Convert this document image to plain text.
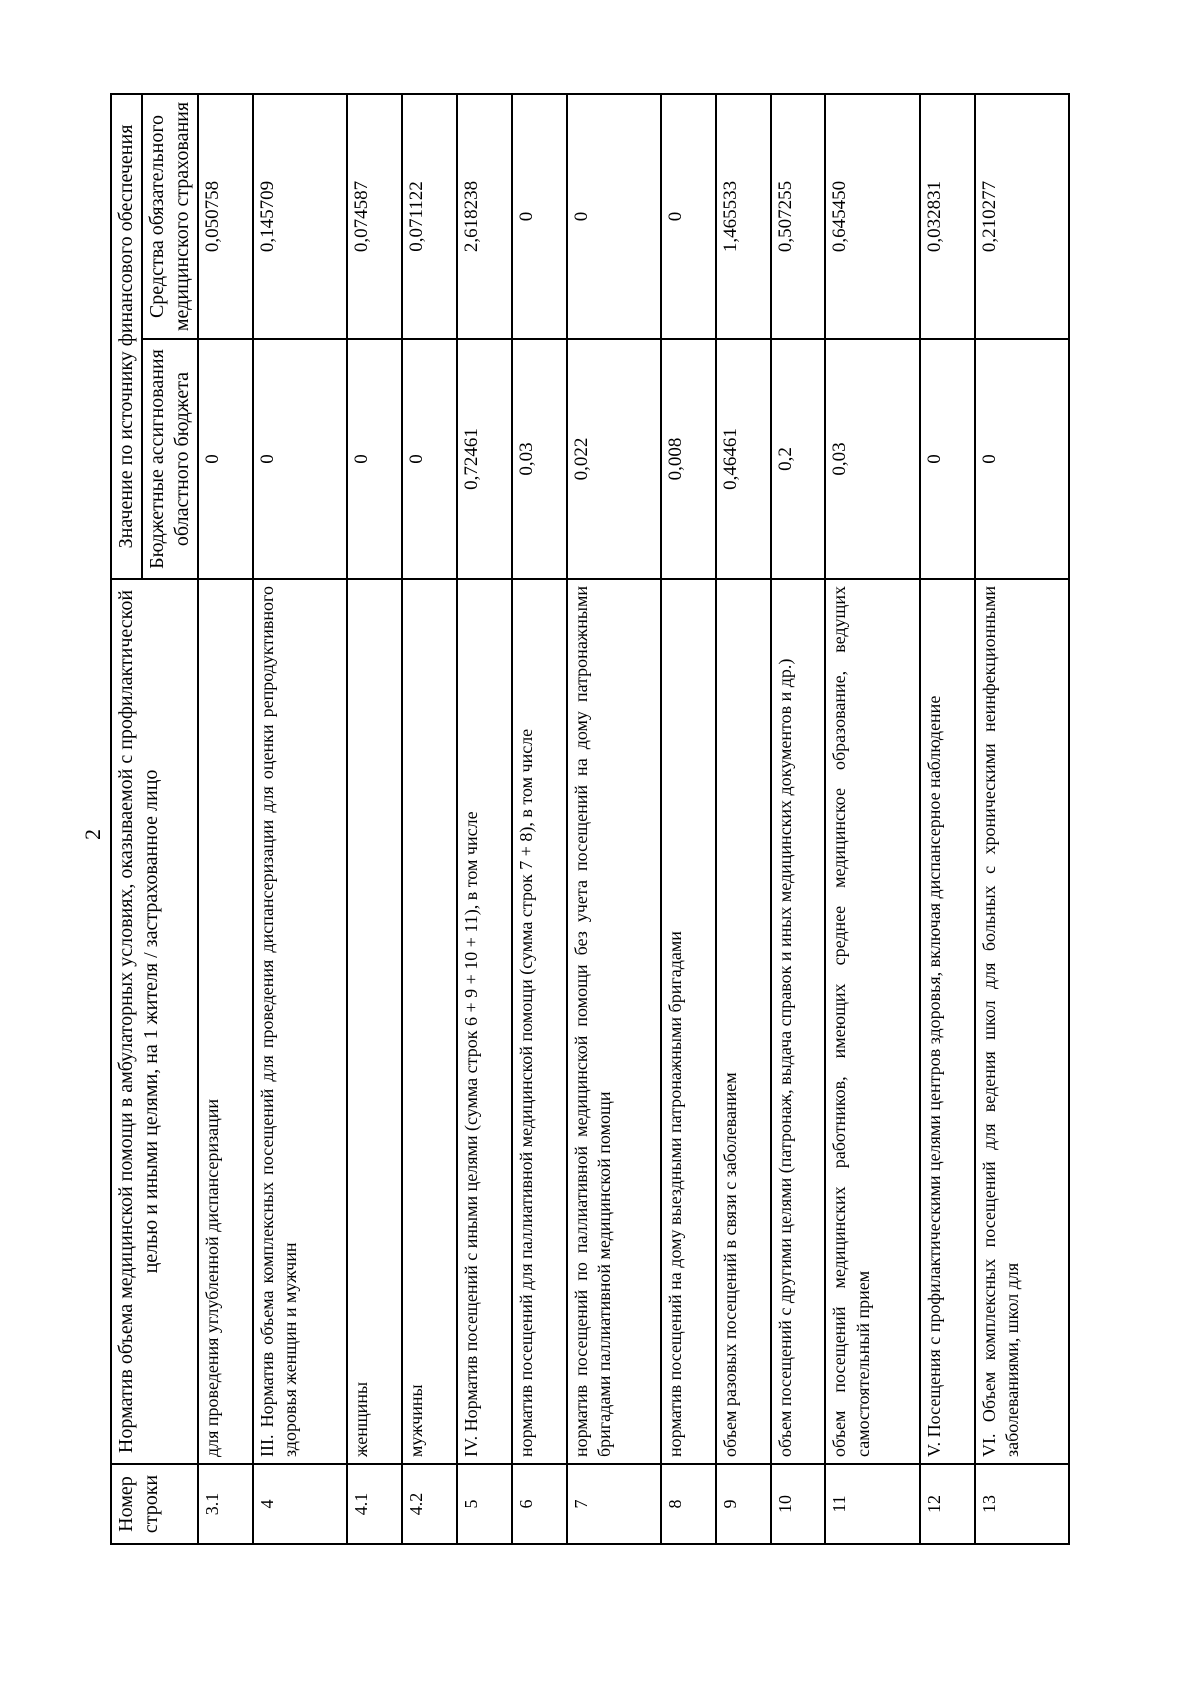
2
Номер строки	Норматив объема медицинской помощи в амбулаторных условиях, оказываемой с профилактической целью и иными целями, на 1 жителя / застрахованное лицо	Значение по источнику финансового обеспечения	
		Бюджетные ассигнования областного бюджета	Средства обязательного медицинского страхования
3.1	для проведения углубленной диспансеризации	0	0,050758
4	III. Норматив объема комплексных посещений для проведения диспансеризации для оценки репродуктивного здоровья женщин и мужчин	0	0,145709
4.1	женщины	0	0,074587
4.2	мужчины	0	0,071122
5	IV. Норматив посещений с иными целями (сумма строк 6 + 9 + 10 + 11), в том числе	0,72461	2,618238
6	норматив посещений для паллиативной медицинской помощи (сумма строк 7 + 8), в том числе	0,03	0
7	норматив посещений по паллиативной медицинской помощи без учета посещений на дому патронажными бригадами паллиативной медицинской помощи	0,022	0
8	норматив посещений на дому выездными патронажными бригадами	0,008	0
9	объем разовых посещений в связи с заболеванием	0,46461	1,465533
10	объем посещений с другими целями (патронаж, выдача справок и иных медицинских документов и др.)	0,2	0,507255
11	объем посещений медицинских работников, имеющих среднее медицинское образование, ведущих самостоятельный прием	0,03	0,645450
12	V. Посещения с профилактическими целями центров здоровья, включая диспансерное наблюдение	0	0,032831
13	VI. Объем комплексных посещений для ведения школ для больных с хроническими неинфекционными заболеваниями, школ для	0	0,210277
